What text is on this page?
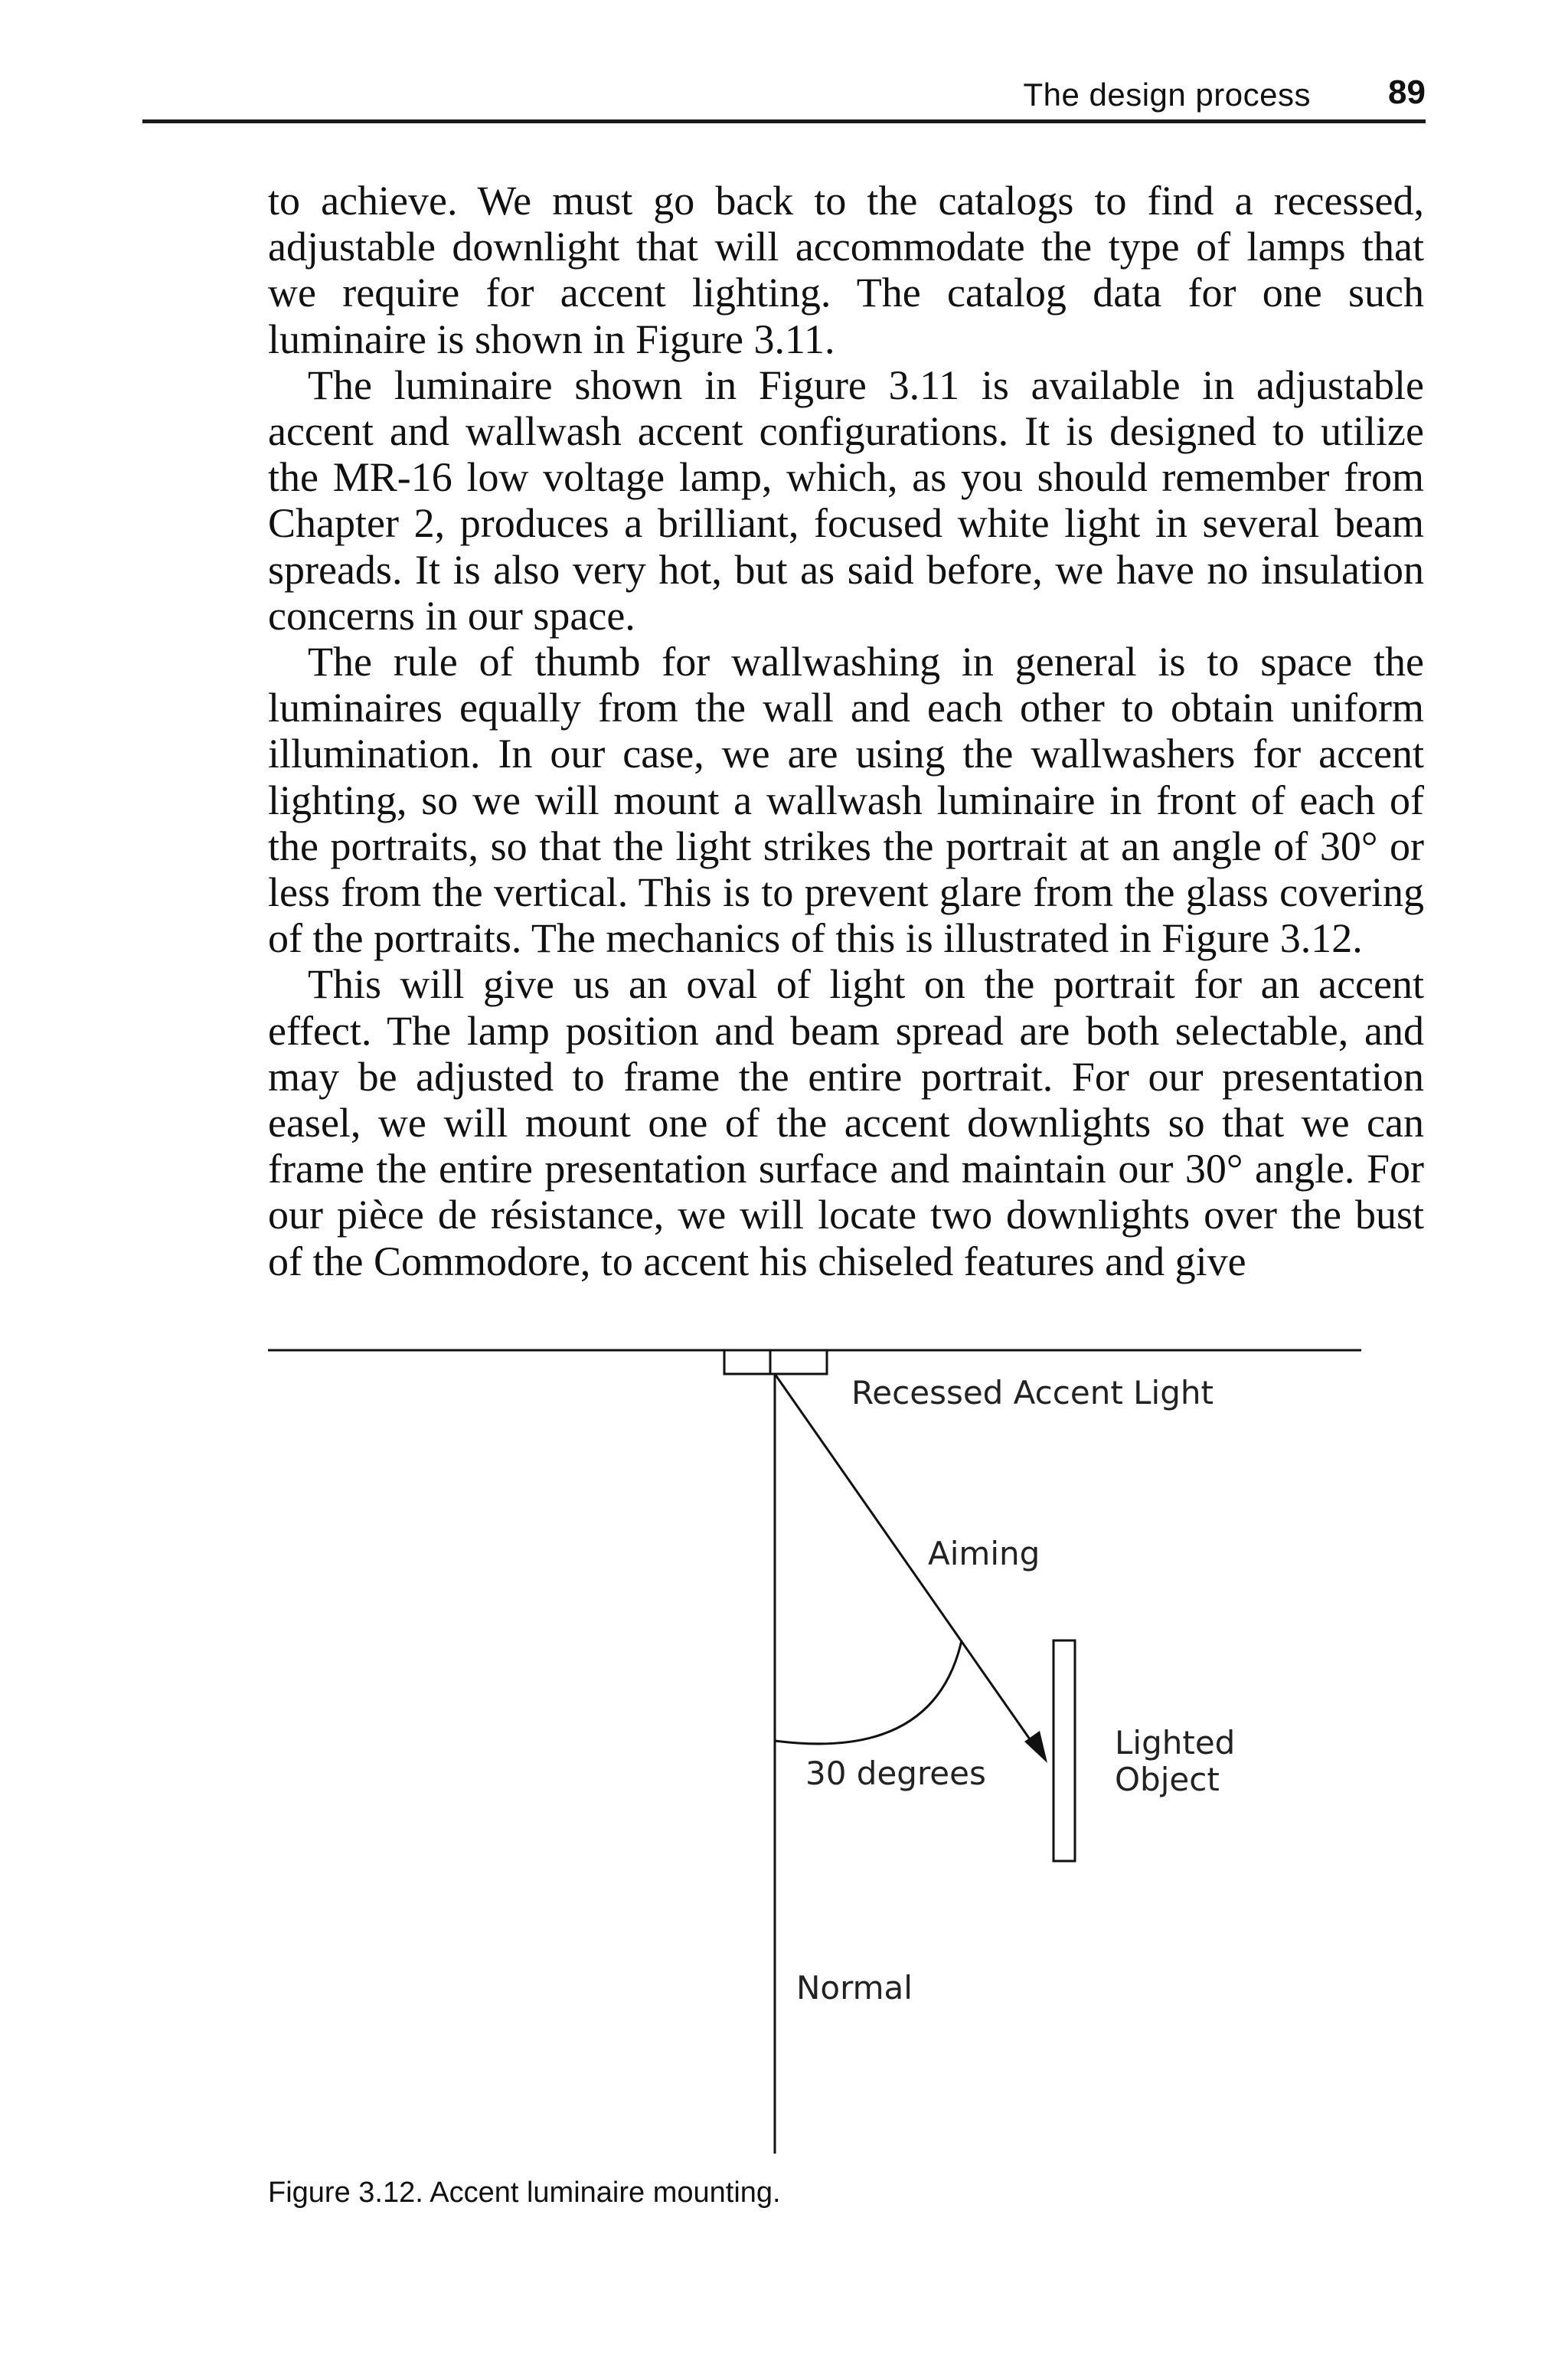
The design process 89

to achieve. We must go back to the catalogs to find a recessed, adjustable downlight that will accommodate the type of lamps that we require for accent lighting. The catalog data for one such luminaire is shown in Figure 3.11.

The luminaire shown in Figure 3.11 is available in adjustable accent and wallwash accent configurations. It is designed to utilize the MR-16 low voltage lamp, which, as you should remember from Chapter 2, produces a brilliant, focused white light in several beam spreads. It is also very hot, but as said before, we have no insulation concerns in our space.

The rule of thumb for wallwashing in general is to space the luminaires equally from the wall and each other to obtain uniform illumination. In our case, we are using the wallwashers for accent lighting, so we will mount a wallwash luminaire in front of each of the portraits, so that the light strikes the portrait at an angle of 30° or less from the vertical. This is to prevent glare from the glass covering of the portraits. The mechanics of this is illustrated in Figure 3.12.

This will give us an oval of light on the portrait for an accent effect. The lamp position and beam spread are both selectable, and may be adjusted to frame the entire portrait. For our presentation easel, we will mount one of the accent downlights so that we can frame the entire presentation surface and maintain our 30° angle. For our pièce de résistance, we will locate two downlights over the bust of the Commodore, to accent his chiseled features and give

Recessed Accent Light
Aiming
30 degrees
Lighted
Object
Normal
Figure 3.12. Accent luminaire mounting.
